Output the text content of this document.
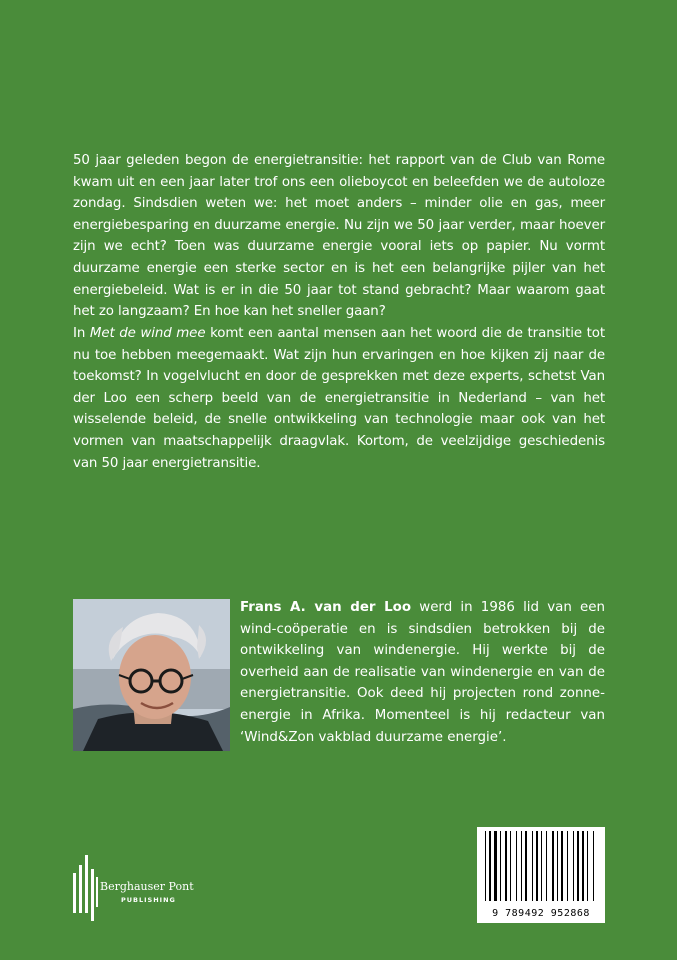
50 jaar geleden begon de energietransitie: het rapport van de Club van Rome kwam uit en een jaar later trof ons een olieboycot en beleefden we de autoloze zondag. Sindsdien weten we: het moet anders – minder olie en gas, meer energiebesparing en duurzame energie. Nu zijn we 50 jaar verder, maar hoever zijn we echt? Toen was duurzame energie vooral iets op papier. Nu vormt duurzame energie een sterke sector en is het een belangrijke pijler van het energiebeleid. Wat is er in die 50 jaar tot stand gebracht? Maar waarom gaat het zo langzaam? En hoe kan het sneller gaan?

In Met de wind mee komt een aantal mensen aan het woord die de transitie tot nu toe hebben meegemaakt. Wat zijn hun ervaringen en hoe kijken zij naar de toekomst? In vogelvlucht en door de gesprekken met deze experts, schetst Van der Loo een scherp beeld van de energietransitie in Nederland – van het wisselende beleid, de snelle ontwikkeling van technologie maar ook van het vormen van maatschappelijk draagvlak. Kortom, de veelzijdige geschiedenis van 50 jaar energietransitie.

Frans A. van der Loo werd in 1986 lid van een wind-coöperatie en is sindsdien betrokken bij de ontwikkeling van windenergie. Hij werkte bij de overheid aan de realisatie van windenergie en van de energietransitie. Ook deed hij projecten rond zonne-energie in Afrika. Momenteel is hij redacteur van ‘Wind&Zon vakblad duurzame energie’.

Berghauser Pont
PUBLISHING
9 789492 952868
